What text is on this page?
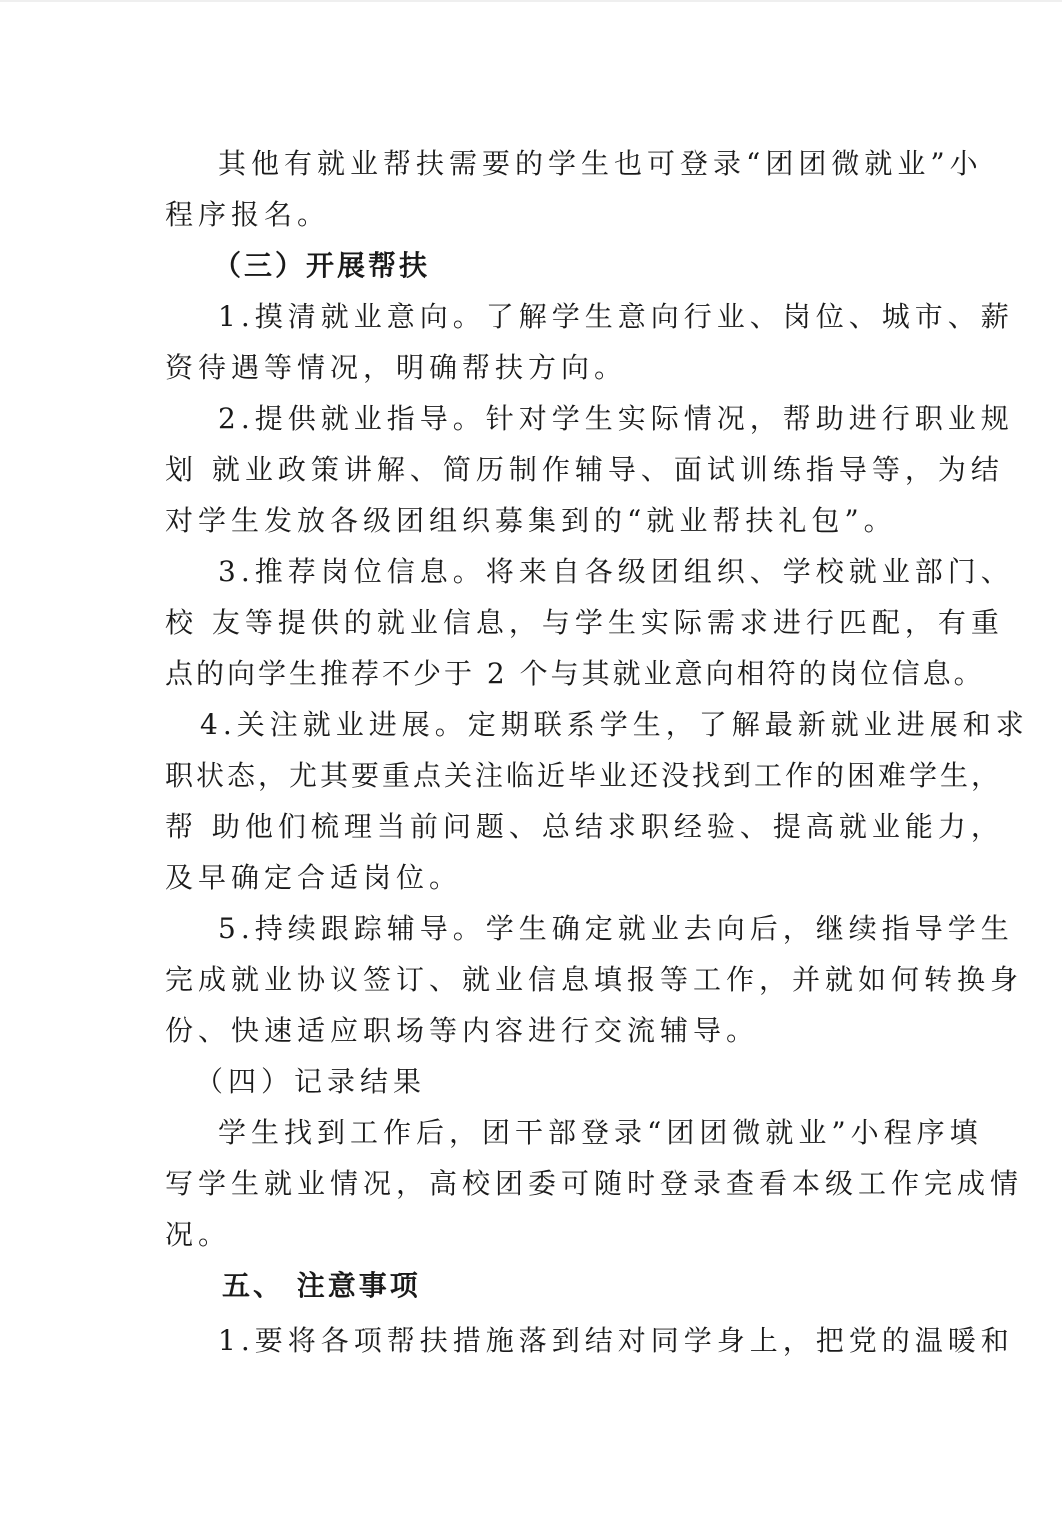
其他有就业帮扶需要的学生也可登录“团团微就业”小
程序报名。
（三）开展帮扶
1.摸清就业意向。了解学生意向行业、岗位、城市、薪
资待遇等情况，明确帮扶方向。
2.提供就业指导。针对学生实际情况，帮助进行职业规
划 就业政策讲解、简历制作辅导、面试训练指导等，为结
对学生发放各级团组织募集到的“就业帮扶礼包”。
3.推荐岗位信息。将来自各级团组织、学校就业部门、
校 友等提供的就业信息，与学生实际需求进行匹配，有重
点的向学生推荐不少于 2 个与其就业意向相符的岗位信息。
4.关注就业进展。定期联系学生，了解最新就业进展和求
职状态，尤其要重点关注临近毕业还没找到工作的困难学生，
帮 助他们梳理当前问题、总结求职经验、提高就业能力，
及早确定合适岗位。
5.持续跟踪辅导。学生确定就业去向后，继续指导学生
完成就业协议签订、就业信息填报等工作，并就如何转换身
份、快速适应职场等内容进行交流辅导。
（四）记录结果
学生找到工作后，团干部登录“团团微就业”小程序填
写学生就业情况，高校团委可随时登录查看本级工作完成情
况。
五、 注意事项
1.要将各项帮扶措施落到结对同学身上，把党的温暖和
